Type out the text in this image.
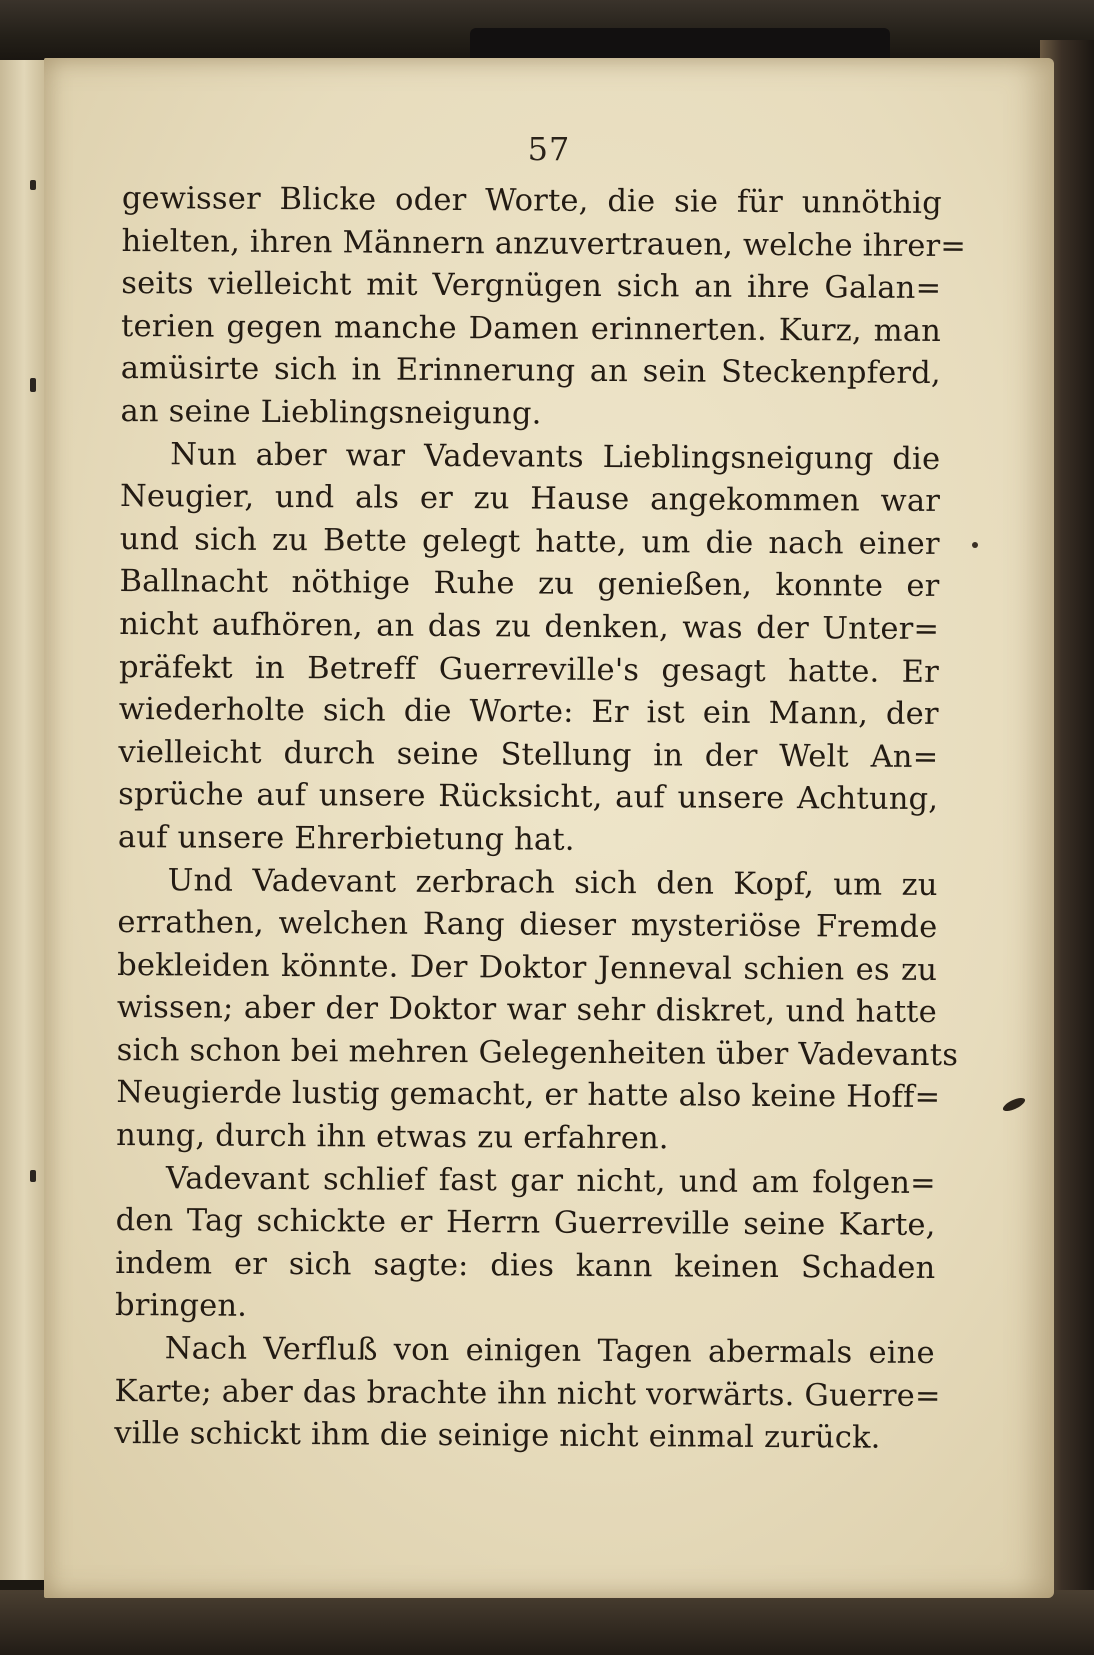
57
gewisser Blicke oder Worte, die sie für unnöthig
hielten, ihren Männern anzuvertrauen, welche ihrer=
seits vielleicht mit Vergnügen sich an ihre Galan=
terien gegen manche Damen erinnerten. Kurz, man
amüsirte sich in Erinnerung an sein Steckenpferd,
an seine Lieblingsneigung.
Nun aber war Vadevants Lieblingsneigung die
Neugier, und als er zu Hause angekommen war
und sich zu Bette gelegt hatte, um die nach einer
Ballnacht nöthige Ruhe zu genießen, konnte er
nicht aufhören, an das zu denken, was der Unter=
präfekt in Betreff Guerreville's gesagt hatte. Er
wiederholte sich die Worte: Er ist ein Mann, der
vielleicht durch seine Stellung in der Welt An=
sprüche auf unsere Rücksicht, auf unsere Achtung,
auf unsere Ehrerbietung hat.
Und Vadevant zerbrach sich den Kopf, um zu
errathen, welchen Rang dieser mysteriöse Fremde
bekleiden könnte. Der Doktor Jenneval schien es zu
wissen; aber der Doktor war sehr diskret, und hatte
sich schon bei mehren Gelegenheiten über Vadevants
Neugierde lustig gemacht, er hatte also keine Hoff=
nung, durch ihn etwas zu erfahren.
Vadevant schlief fast gar nicht, und am folgen=
den Tag schickte er Herrn Guerreville seine Karte,
indem er sich sagte: dies kann keinen Schaden
bringen.
Nach Verfluß von einigen Tagen abermals eine
Karte; aber das brachte ihn nicht vorwärts. Guerre=
ville schickt ihm die seinige nicht einmal zurück.
